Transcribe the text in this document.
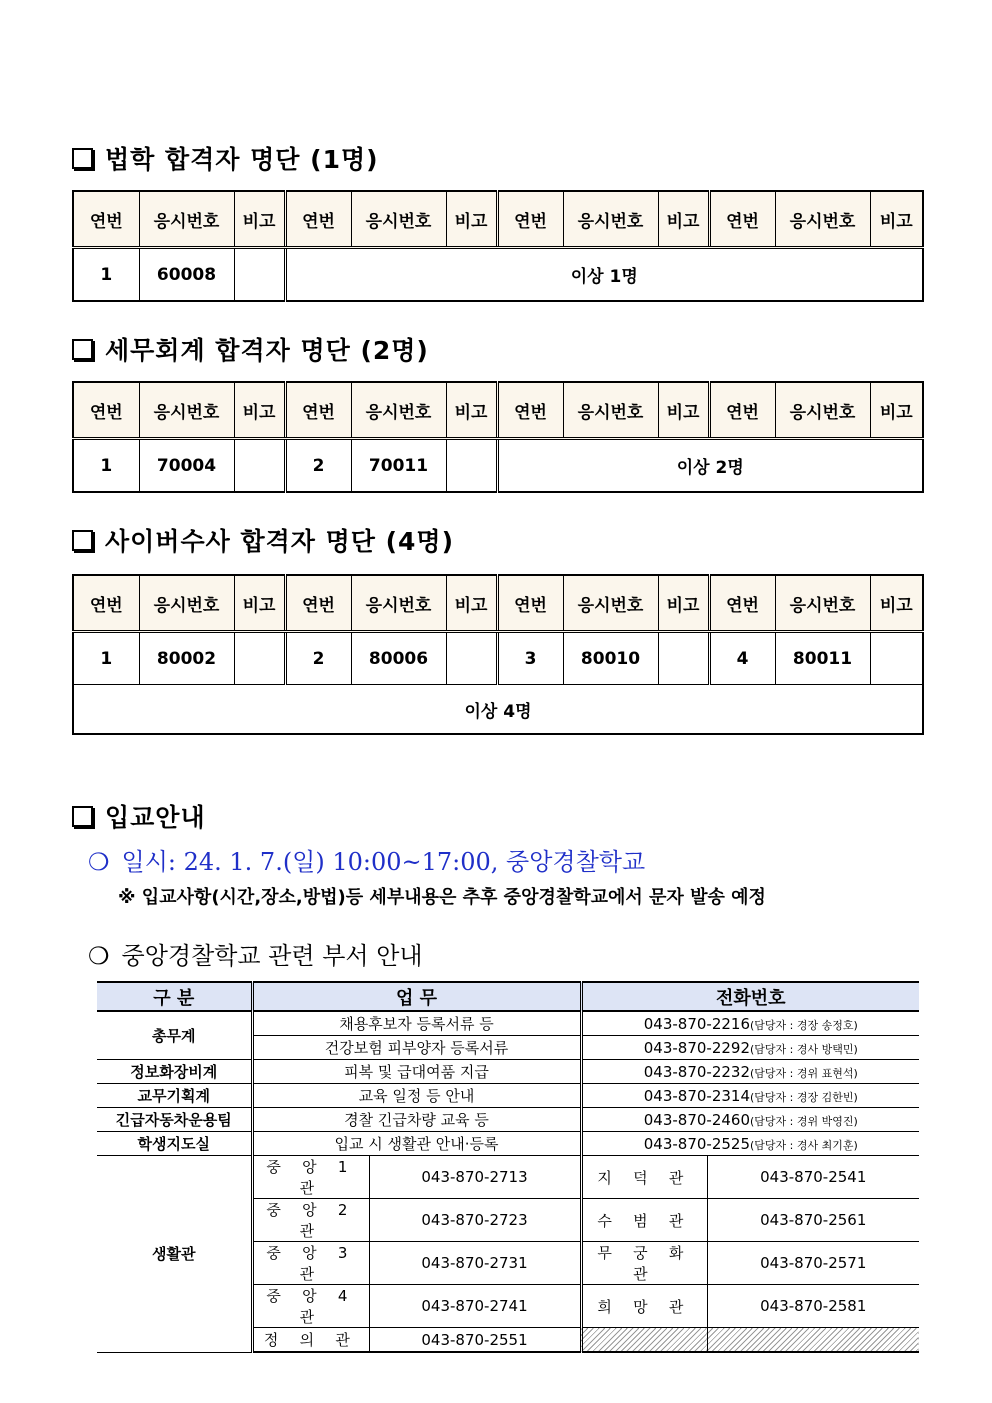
법학 합격자 명단 (1명)
연번	응시번호	비고	연번	응시번호	비고	연번	응시번호	비고	연번	응시번호	비고
1	60008		이상 1명								
세무회계 합격자 명단 (2명)
연번	응시번호	비고	연번	응시번호	비고	연번	응시번호	비고	연번	응시번호	비고
1	70004		2	70011		이상 2명					
사이버수사 합격자 명단 (4명)
연번	응시번호	비고	연번	응시번호	비고	연번	응시번호	비고	연번	응시번호	비고
1	80002		2	80006		3	80010		4	80011	
이상 4명											
입교안내
❍ 일시: 24. 1. 7.(일) 10:00~17:00, 중앙경찰학교
※ 입교사항(시간,장소,방법)등 세부내용은 추후 중앙경찰학교에서 문자 발송 예정
❍ 중앙경찰학교 관련 부서 안내
구 분	업 무		전화번호	
총무계	채용후보자 등록서류 등		043-870-2216(담당자 : 경장 송정호)	
	건강보험 피부양자 등록서류		043-870-2292(담당자 : 경사 방택민)	
정보화장비계	피복 및 급대여품 지급		043-870-2232(담당자 : 경위 표현석)	
교무기획계	교육 일정 등 안내		043-870-2314(담당자 : 경장 김한빈)	
긴급자동차운용팀	경찰 긴급차량 교육 등		043-870-2460(담당자 : 경위 박영진)	
학생지도실	입교 시 생활관 안내·등록		043-870-2525(담당자 : 경사 최기훈)	
생활관	중 앙 1 관	043-870-2713	지 덕 관	043-870-2541
	중 앙 2 관	043-870-2723	수 범 관	043-870-2561
	중 앙 3 관	043-870-2731	무 궁 화 관	043-870-2571
	중 앙 4 관	043-870-2741	희 망 관	043-870-2581
	정 의 관	043-870-2551		
